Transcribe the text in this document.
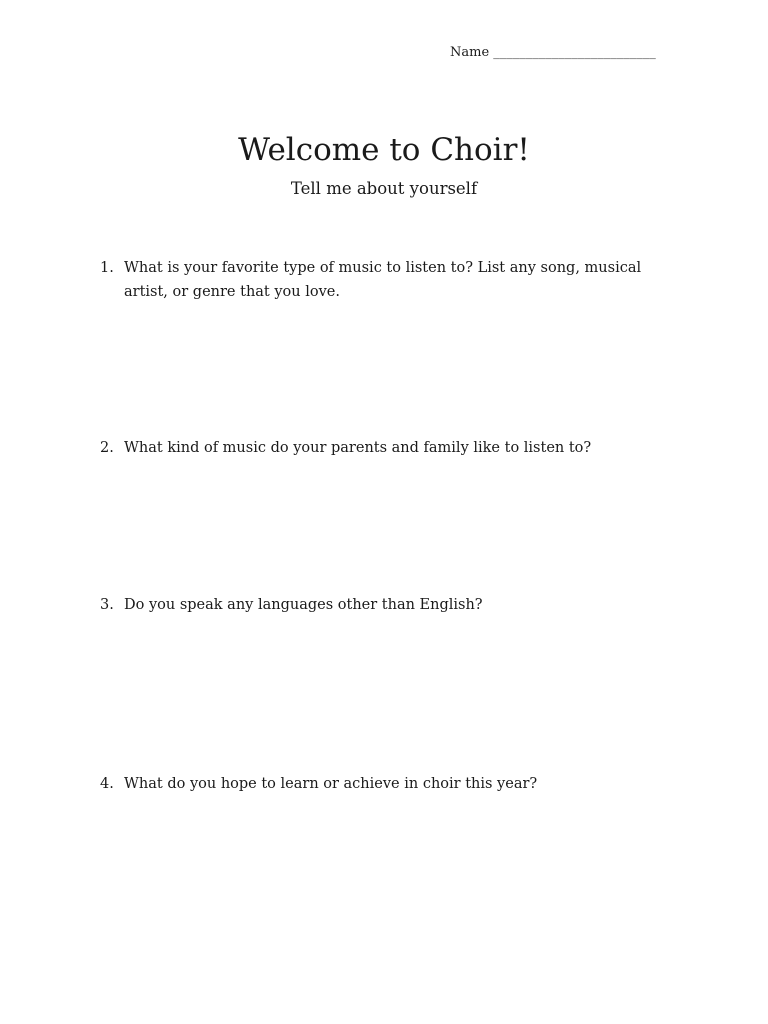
Name _________________________
Welcome to Choir!
Tell me about yourself
1. What is your favorite type of music to listen to? List any song, musical artist, or genre that you love.
2. What kind of music do your parents and family like to listen to?
3. Do you speak any languages other than English?
4. What do you hope to learn or achieve in choir this year?
